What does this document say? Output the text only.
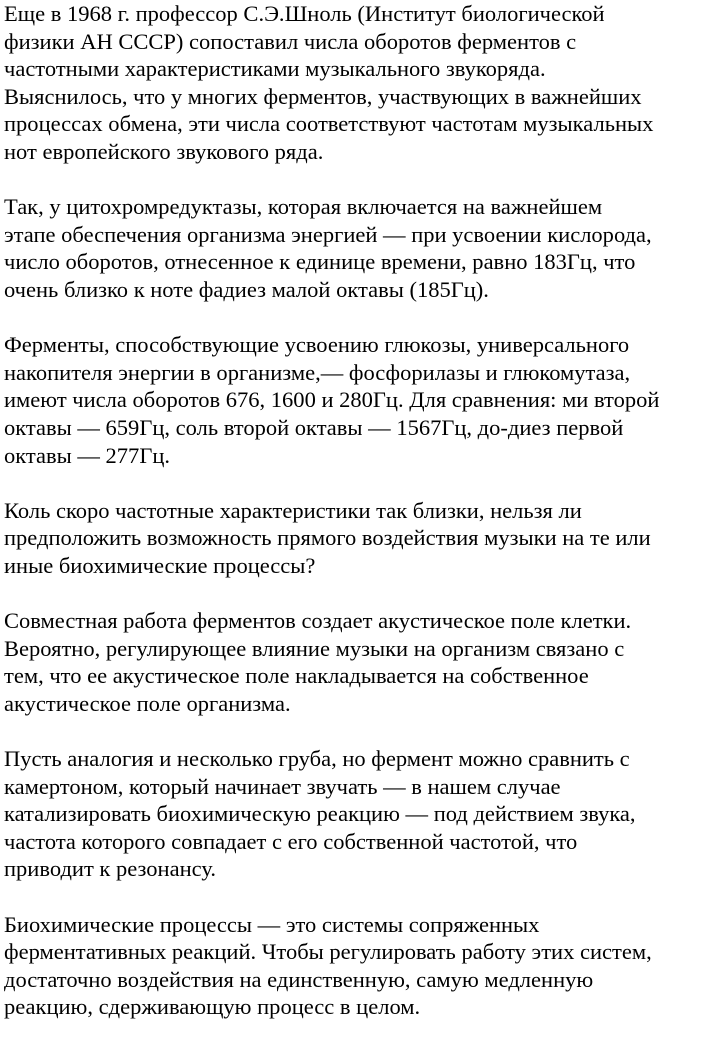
Еще в 1968 г. профессор С.Э.Шноль (Институт биологической
физики АН СССР) сопоставил числа оборотов ферментов с
частотными характеристиками музыкального звукоряда.
Выяснилось, что у многих ферментов, участвующих в важнейших
процессах обмена, эти числа соответствуют частотам музыкальных
нот европейского звукового ряда.

Так, у цитохромредуктазы, которая включается на важнейшем
этапе обеспечения организма энергией — при усвоении кислорода,
число оборотов, отнесенное к единице времени, равно 183Гц, что
очень близко к ноте фадиез малой октавы (185Гц).

Ферменты, способствующие усвоению глюкозы, универсального
накопителя энергии в организме,— фосфорилазы и глюкомутаза,
имеют числа оборотов 676, 1600 и 280Гц. Для сравнения: ми второй
октавы — 659Гц, соль второй октавы — 1567Гц, до-диез первой
октавы — 277Гц.

Коль скоро частотные характеристики так близки, нельзя ли
предположить возможность прямого воздействия музыки на те или
иные биохимические процессы?

Совместная работа ферментов создает акустическое поле клетки.
Вероятно, регулирующее влияние музыки на организм связано с
тем, что ее акустическое поле накладывается на собственное
акустическое поле организма.

Пусть аналогия и несколько груба, но фермент можно сравнить с
камертоном, который начинает звучать — в нашем случае
катализировать биохимическую реакцию — под действием звука,
частота которого совпадает с его собственной частотой, что
приводит к резонансу.

Биохимические процессы — это системы сопряженных
ферментативных реакций. Чтобы регулировать работу этих систем,
достаточно воздействия на единственную, самую медленную
реакцию, сдерживающую процесс в целом.
